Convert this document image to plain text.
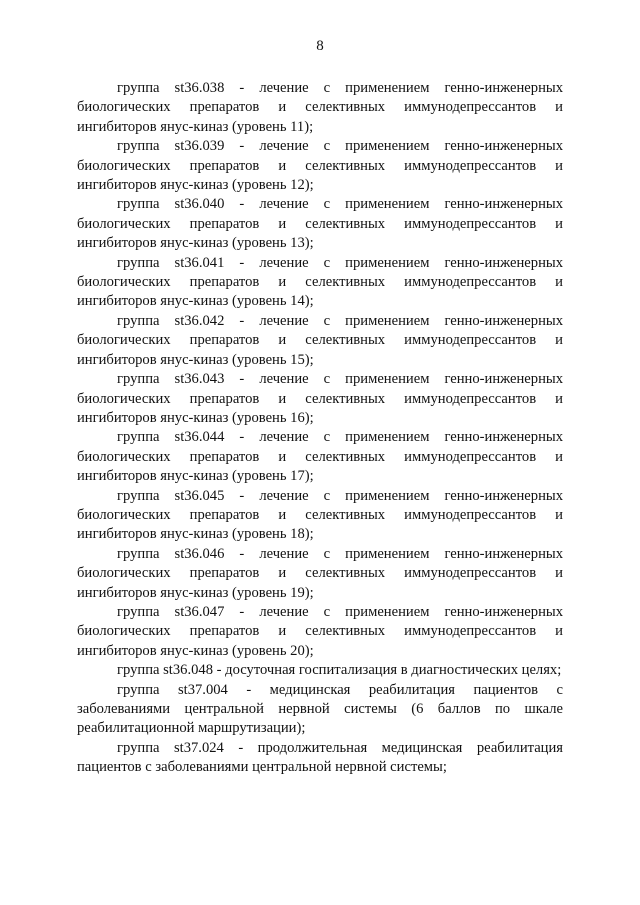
8

группа st36.038 - лечение с применением генно-инженерных биологических препаратов и селективных иммунодепрессантов и ингибиторов янус-киназ (уровень 11);

группа st36.039 - лечение с применением генно-инженерных биологических препаратов и селективных иммунодепрессантов и ингибиторов янус-киназ (уровень 12);

группа st36.040 - лечение с применением генно-инженерных биологических препаратов и селективных иммунодепрессантов и ингибиторов янус-киназ (уровень 13);

группа st36.041 - лечение с применением генно-инженерных биологических препаратов и селективных иммунодепрессантов и ингибиторов янус-киназ (уровень 14);

группа st36.042 - лечение с применением генно-инженерных биологических препаратов и селективных иммунодепрессантов и ингибиторов янус-киназ (уровень 15);

группа st36.043 - лечение с применением генно-инженерных биологических препаратов и селективных иммунодепрессантов и ингибиторов янус-киназ (уровень 16);

группа st36.044 - лечение с применением генно-инженерных биологических препаратов и селективных иммунодепрессантов и ингибиторов янус-киназ (уровень 17);

группа st36.045 - лечение с применением генно-инженерных биологических препаратов и селективных иммунодепрессантов и ингибиторов янус-киназ (уровень 18);

группа st36.046 - лечение с применением генно-инженерных биологических препаратов и селективных иммунодепрессантов и ингибиторов янус-киназ (уровень 19);

группа st36.047 - лечение с применением генно-инженерных биологических препаратов и селективных иммунодепрессантов и ингибиторов янус-киназ (уровень 20);

группа st36.048 - досуточная госпитализация в диагностических целях;

группа st37.004 - медицинская реабилитация пациентов с заболеваниями центральной нервной системы (6 баллов по шкале реабилитационной маршрутизации);

группа st37.024 - продолжительная медицинская реабилитация пациентов с заболеваниями центральной нервной системы;
